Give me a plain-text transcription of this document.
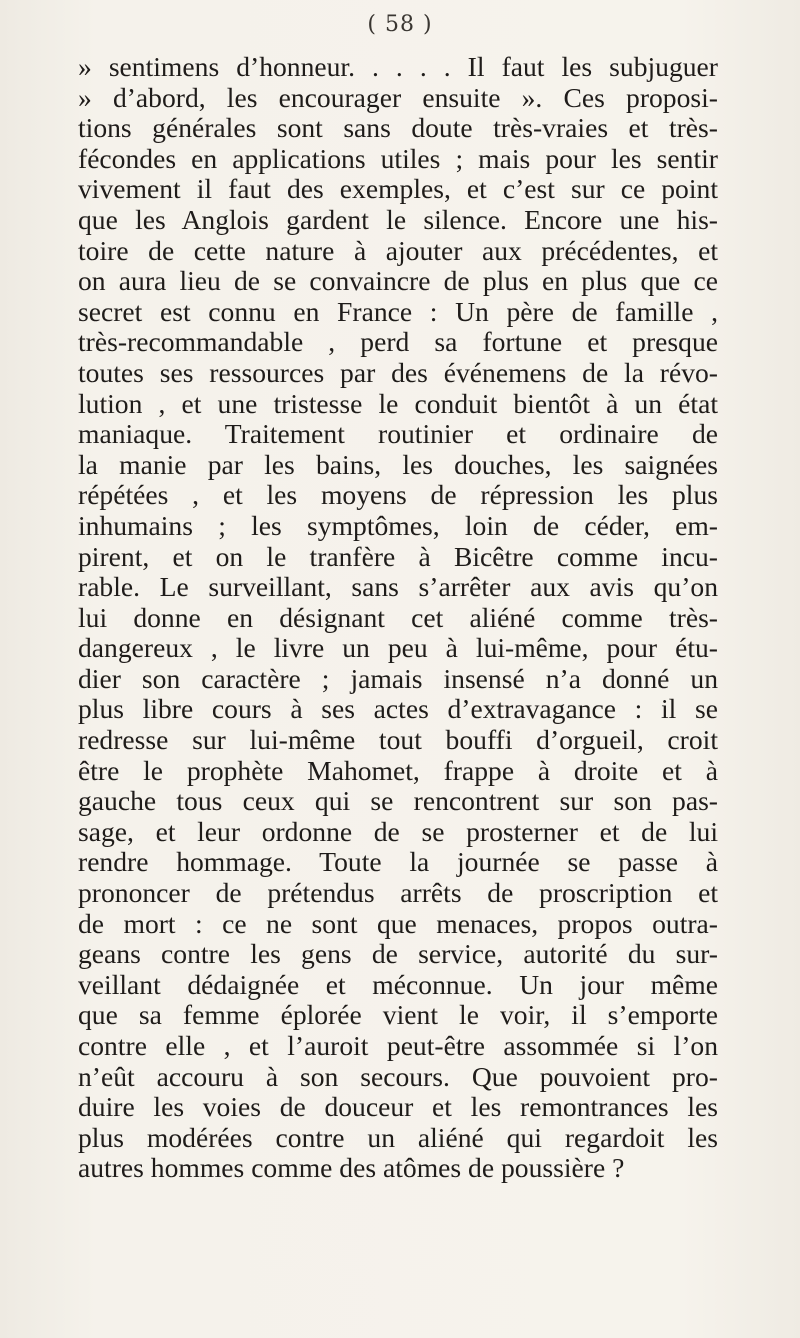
( 58 )
» sentimens d’honneur. . . . . Il faut les subjuguer
» d’abord, les encourager ensuite ». Ces proposi-
tions générales sont sans doute très-vraies et très-
fécondes en applications utiles ; mais pour les sentir
vivement il faut des exemples, et c’est sur ce point
que les Anglois gardent le silence. Encore une his-
toire de cette nature à ajouter aux précédentes, et
on aura lieu de se convaincre de plus en plus que ce
secret est connu en France : Un père de famille ,
très-recommandable , perd sa fortune et presque
toutes ses ressources par des événemens de la révo-
lution , et une tristesse le conduit bientôt à un état
maniaque. Traitement routinier et ordinaire de
la manie par les bains, les douches, les saignées
répétées , et les moyens de répression les plus
inhumains ; les symptômes, loin de céder, em-
pirent, et on le tranfère à Bicêtre comme incu-
rable. Le surveillant, sans s’arrêter aux avis qu’on
lui donne en désignant cet aliéné comme très-
dangereux , le livre un peu à lui-même, pour étu-
dier son caractère ; jamais insensé n’a donné un
plus libre cours à ses actes d’extravagance : il se
redresse sur lui-même tout bouffi d’orgueil, croit
être le prophète Mahomet, frappe à droite et à
gauche tous ceux qui se rencontrent sur son pas-
sage, et leur ordonne de se prosterner et de lui
rendre hommage. Toute la journée se passe à
prononcer de prétendus arrêts de proscription et
de mort : ce ne sont que menaces, propos outra-
geans contre les gens de service, autorité du sur-
veillant dédaignée et méconnue. Un jour même
que sa femme éplorée vient le voir, il s’emporte
contre elle , et l’auroit peut-être assommée si l’on
n’eût accouru à son secours. Que pouvoient pro-
duire les voies de douceur et les remontrances les
plus modérées contre un aliéné qui regardoit les
autres hommes comme des atômes de poussière ?
